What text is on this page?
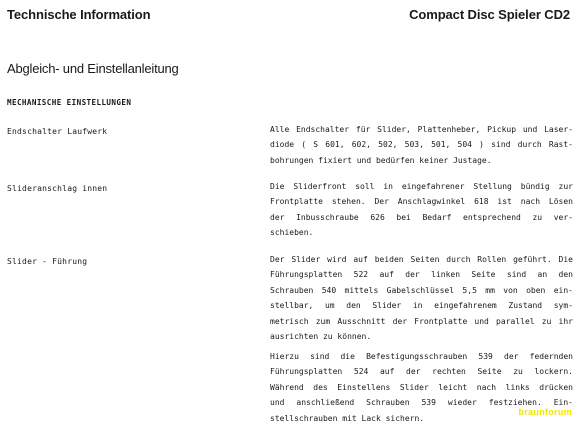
Technische Information	Compact Disc Spieler CD2
Abgleich- und Einstellanleitung
MECHANISCHE EINSTELLUNGEN
Endschalter Laufwerk	Alle Endschalter für Slider, Plattenheber, Pickup und Laser-
diode ( S 601, 602, 502, 503, 501, 504 ) sind durch Rast-
bohrungen fixiert und bedürfen keiner Justage.
Slideranschlag innen	Die Sliderfront soll in eingefahrener Stellung bündig zur
Frontplatte stehen. Der Anschlagwinkel 618 ist nach Lösen
der Inbusschraube 626 bei Bedarf entsprechend zu ver-
schieben.
Slider - Führung	Der Slider wird auf beiden Seiten durch Rollen geführt. Die
Führungsplatten 522 auf der linken Seite sind an den
Schrauben 540 mittels Gabelschlüssel 5,5 mm von oben ein-
stellbar, um den Slider in eingefahrenem Zustand sym-
metrisch zum Ausschnitt der Frontplatte und parallel zu ihr
ausrichten zu können.
Hierzu sind die Befestigungsschrauben 539 der federnden
Führungsplatten 524 auf der rechten Seite zu lockern.
Während des Einstellens Slider leicht nach links drücken
und anschließend Schrauben 539 wieder festziehen. Ein-
stellschrauben mit Lack sichern.
braunforum
